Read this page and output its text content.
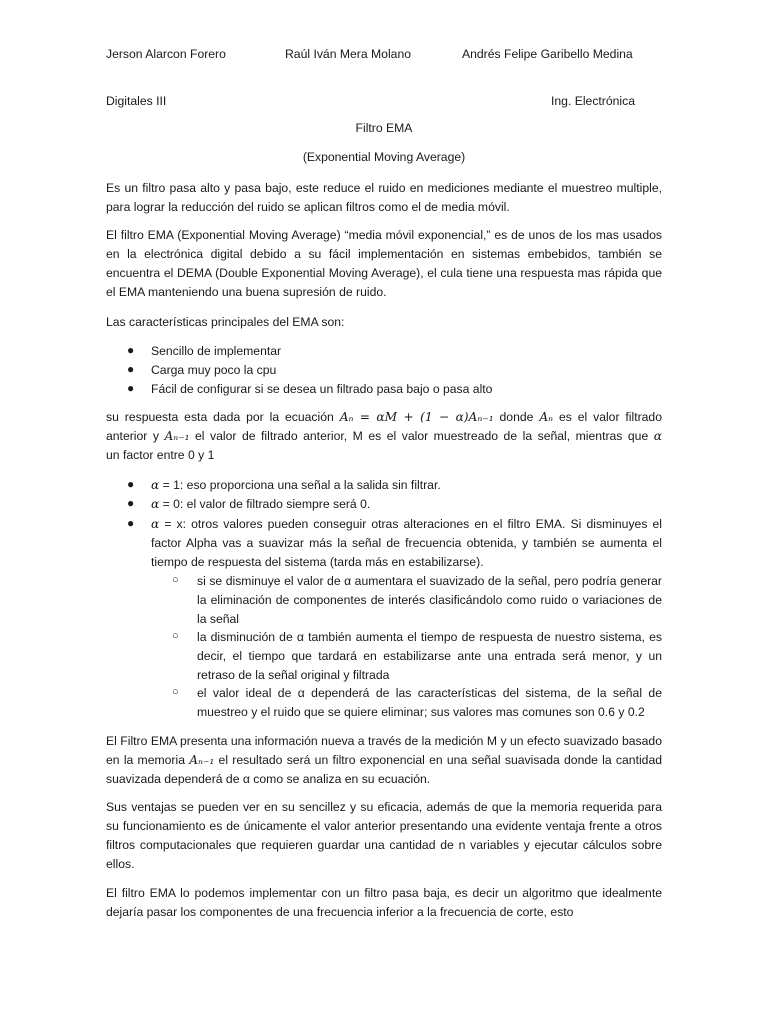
Jerson Alarcon Forero	Raúl Iván Mera Molano	Andrés Felipe Garibello Medina
Digitales III	Ing. Electrónica
Filtro EMA
(Exponential Moving Average)
Es un filtro pasa alto y pasa bajo, este reduce el ruido en mediciones mediante el muestreo multiple, para lograr la reducción del ruido se aplican filtros como el de media móvil.
El filtro EMA (Exponential Moving Average) “media móvil exponencial,” es de unos de los mas usados en la electrónica digital debido a su fácil implementación en sistemas embebidos, también se encuentra el DEMA (Double Exponential Moving Average), el cula tiene una respuesta mas rápida que el EMA manteniendo una buena supresión de ruido.
Las características principales del EMA son:
● Sencillo de implementar
● Carga muy poco la cpu
● Fácil de configurar si se desea un filtrado pasa bajo o pasa alto
su respuesta esta dada por la ecuación Aₙ = αM + (1 − α)Aₙ₋₁ donde Aₙ es el valor filtrado
anterior y Aₙ₋₁ el valor de filtrado anterior, M es el valor muestreado de la señal, mientras que α
un factor entre 0 y 1
● α = 1: eso proporciona una señal a la salida sin filtrar.
● α = 0: el valor de filtrado siempre será 0.
● α = x: otros valores pueden conseguir otras alteraciones en el filtro EMA. Si disminuyes el factor Alpha vas a suavizar más la señal de frecuencia obtenida, y también se aumenta el tiempo de respuesta del sistema (tarda más en estabilizarse).
○ si se disminuye el valor de α aumentara el suavizado de la señal, pero podría generar la eliminación de componentes de interés clasificándolo como ruido o variaciones de la señal
○ la disminución de α también aumenta el tiempo de respuesta de nuestro sistema, es decir, el tiempo que tardará en estabilizarse ante una entrada será menor, y un retraso de la señal original y filtrada
○ el valor ideal de α dependerá de las características del sistema, de la señal de muestreo y el ruido que se quiere eliminar; sus valores mas comunes son 0.6 y 0.2
El Filtro EMA presenta una información nueva a través de la medición M y un efecto suavizado basado en la memoria Aₙ₋₁ el resultado será un filtro exponencial en una señal suavisada donde la cantidad suavizada dependerá de α como se analiza en su ecuación.
Sus ventajas se pueden ver en su sencillez y su eficacia, además de que la memoria requerida para su funcionamiento es de únicamente el valor anterior presentando una evidente ventaja frente a otros filtros computacionales que requieren guardar una cantidad de n variables y ejecutar cálculos sobre ellos.
El filtro EMA lo podemos implementar con un filtro pasa baja, es decir un algoritmo que idealmente dejaría pasar los componentes de una frecuencia inferior a la frecuencia de corte, esto
